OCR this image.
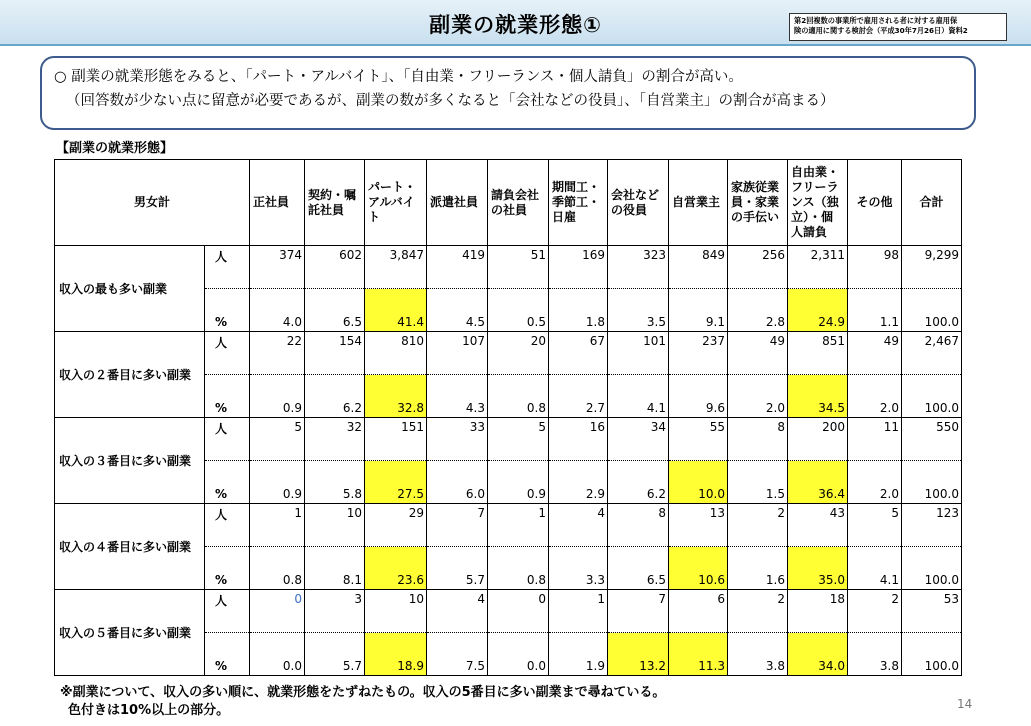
副業の就業形態①	第2回複数の事業所で雇用される者に対する雇用保
険の適用に関する検討会（平成30年7月26日）資料2
○ 副業の就業形態をみると、「パート・アルバイト」、「自由業・フリーランス・個人請負」の割合が高い。
（回答数が少ない点に留意が必要であるが、副業の数が多くなると「会社などの役員」、「自営業主」の割合が高まる）
【副業の就業形態】
男女計		正社員	契約・嘱託社員	パート・アルバイト	派遣社員	請負会社の社員	期間工・季節工・日雇	会社などの役員	自営業主	家族従業員・家業の手伝い	自由業・フリーランス（独立）・個人請負	その他	合計
収入の最も多い副業	人	374	602	3,847	419	51	169	323	849	256	2,311	98	9,299
	%	4.0	6.5	41.4	4.5	0.5	1.8	3.5	9.1	2.8	24.9	1.1	100.0
収入の２番目に多い副業	人	22	154	810	107	20	67	101	237	49	851	49	2,467
	%	0.9	6.2	32.8	4.3	0.8	2.7	4.1	9.6	2.0	34.5	2.0	100.0
収入の３番目に多い副業	人	5	32	151	33	5	16	34	55	8	200	11	550
	%	0.9	5.8	27.5	6.0	0.9	2.9	6.2	10.0	1.5	36.4	2.0	100.0
収入の４番目に多い副業	人	1	10	29	7	1	4	8	13	2	43	5	123
	%	0.8	8.1	23.6	5.7	0.8	3.3	6.5	10.6	1.6	35.0	4.1	100.0
収入の５番目に多い副業	人	0	3	10	4	0	1	7	6	2	18	2	53
	%	0.0	5.7	18.9	7.5	0.0	1.9	13.2	11.3	3.8	34.0	3.8	100.0
※副業について、収入の多い順に、就業形態をたずねたもの。収入の5番目に多い副業まで尋ねている。
色付きは10%以上の部分。	14
